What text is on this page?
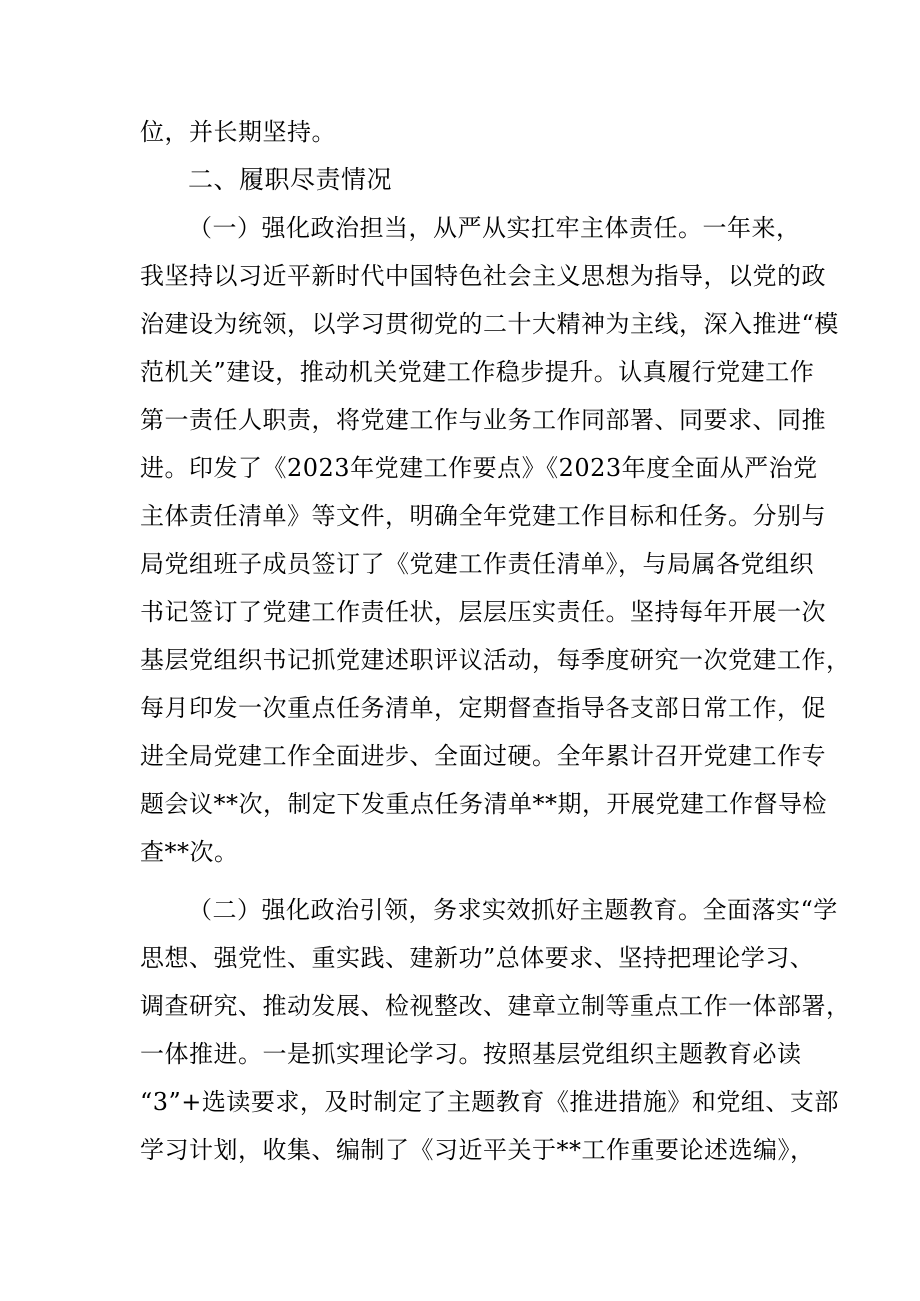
位，并长期坚持。
二、履职尽责情况
（一）强化政治担当，从严从实扛牢主体责任。一年来，
我坚持以习近平新时代中国特色社会主义思想为指导，以党的政
治建设为统领，以学习贯彻党的二十大精神为主线，深入推进“模
范机关”建设，推动机关党建工作稳步提升。认真履行党建工作
第一责任人职责，将党建工作与业务工作同部署、同要求、同推
进。印发了《2023年党建工作要点》《2023年度全面从严治党
主体责任清单》等文件，明确全年党建工作目标和任务。分别与
局党组班子成员签订了《党建工作责任清单》，与局属各党组织
书记签订了党建工作责任状，层层压实责任。坚持每年开展一次
基层党组织书记抓党建述职评议活动，每季度研究一次党建工作，
每月印发一次重点任务清单，定期督查指导各支部日常工作，促
进全局党建工作全面进步、全面过硬。全年累计召开党建工作专
题会议**次，制定下发重点任务清单**期，开展党建工作督导检
查**次。
（二）强化政治引领，务求实效抓好主题教育。全面落实“学
思想、强党性、重实践、建新功”总体要求、坚持把理论学习、
调查研究、推动发展、检视整改、建章立制等重点工作一体部署，
一体推进。一是抓实理论学习。按照基层党组织主题教育必读
“3”+选读要求，及时制定了主题教育《推进措施》和党组、支部
学习计划，收集、编制了《习近平关于**工作重要论述选编》，
